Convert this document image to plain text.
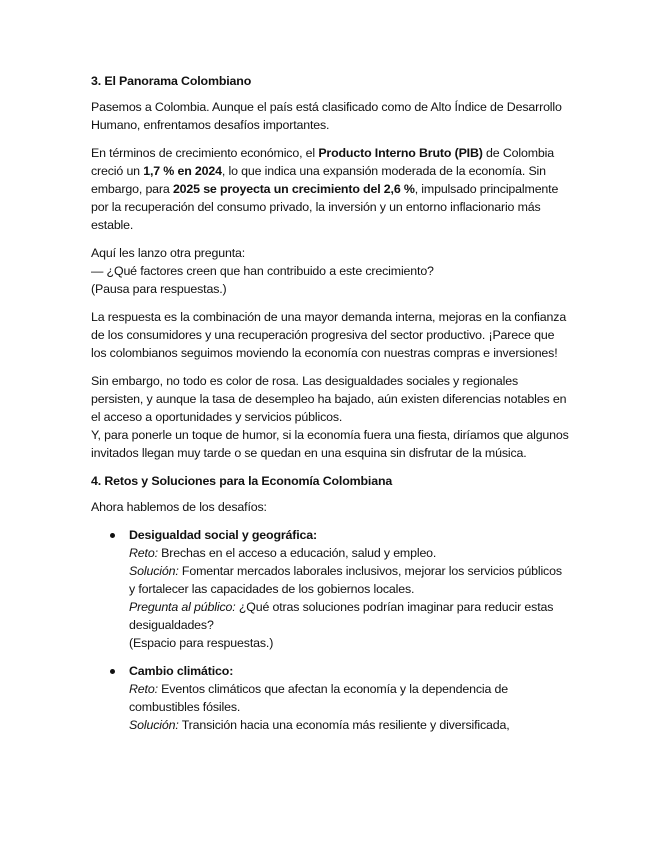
3. El Panorama Colombiano

Pasemos a Colombia. Aunque el país está clasificado como de Alto Índice de Desarrollo Humano, enfrentamos desafíos importantes.

En términos de crecimiento económico, el Producto Interno Bruto (PIB) de Colombia creció un 1,7 % en 2024, lo que indica una expansión moderada de la economía. Sin embargo, para 2025 se proyecta un crecimiento del 2,6 %, impulsado principalmente por la recuperación del consumo privado, la inversión y un entorno inflacionario más estable.

Aquí les lanzo otra pregunta:
— ¿Qué factores creen que han contribuido a este crecimiento?
(Pausa para respuestas.)

La respuesta es la combinación de una mayor demanda interna, mejoras en la confianza de los consumidores y una recuperación progresiva del sector productivo. ¡Parece que los colombianos seguimos moviendo la economía con nuestras compras e inversiones!

Sin embargo, no todo es color de rosa. Las desigualdades sociales y regionales persisten, y aunque la tasa de desempleo ha bajado, aún existen diferencias notables en el acceso a oportunidades y servicios públicos.
Y, para ponerle un toque de humor, si la economía fuera una fiesta, diríamos que algunos invitados llegan muy tarde o se quedan en una esquina sin disfrutar de la música.

4. Retos y Soluciones para la Economía Colombiana

Ahora hablemos de los desafíos:

Desigualdad social y geográfica:
Reto: Brechas en el acceso a educación, salud y empleo.
Solución: Fomentar mercados laborales inclusivos, mejorar los servicios públicos y fortalecer las capacidades de los gobiernos locales.
Pregunta al público: ¿Qué otras soluciones podrían imaginar para reducir estas desigualdades?
(Espacio para respuestas.)
Cambio climático:
Reto: Eventos climáticos que afectan la economía y la dependencia de combustibles fósiles.
Solución: Transición hacia una economía más resiliente y diversificada,
